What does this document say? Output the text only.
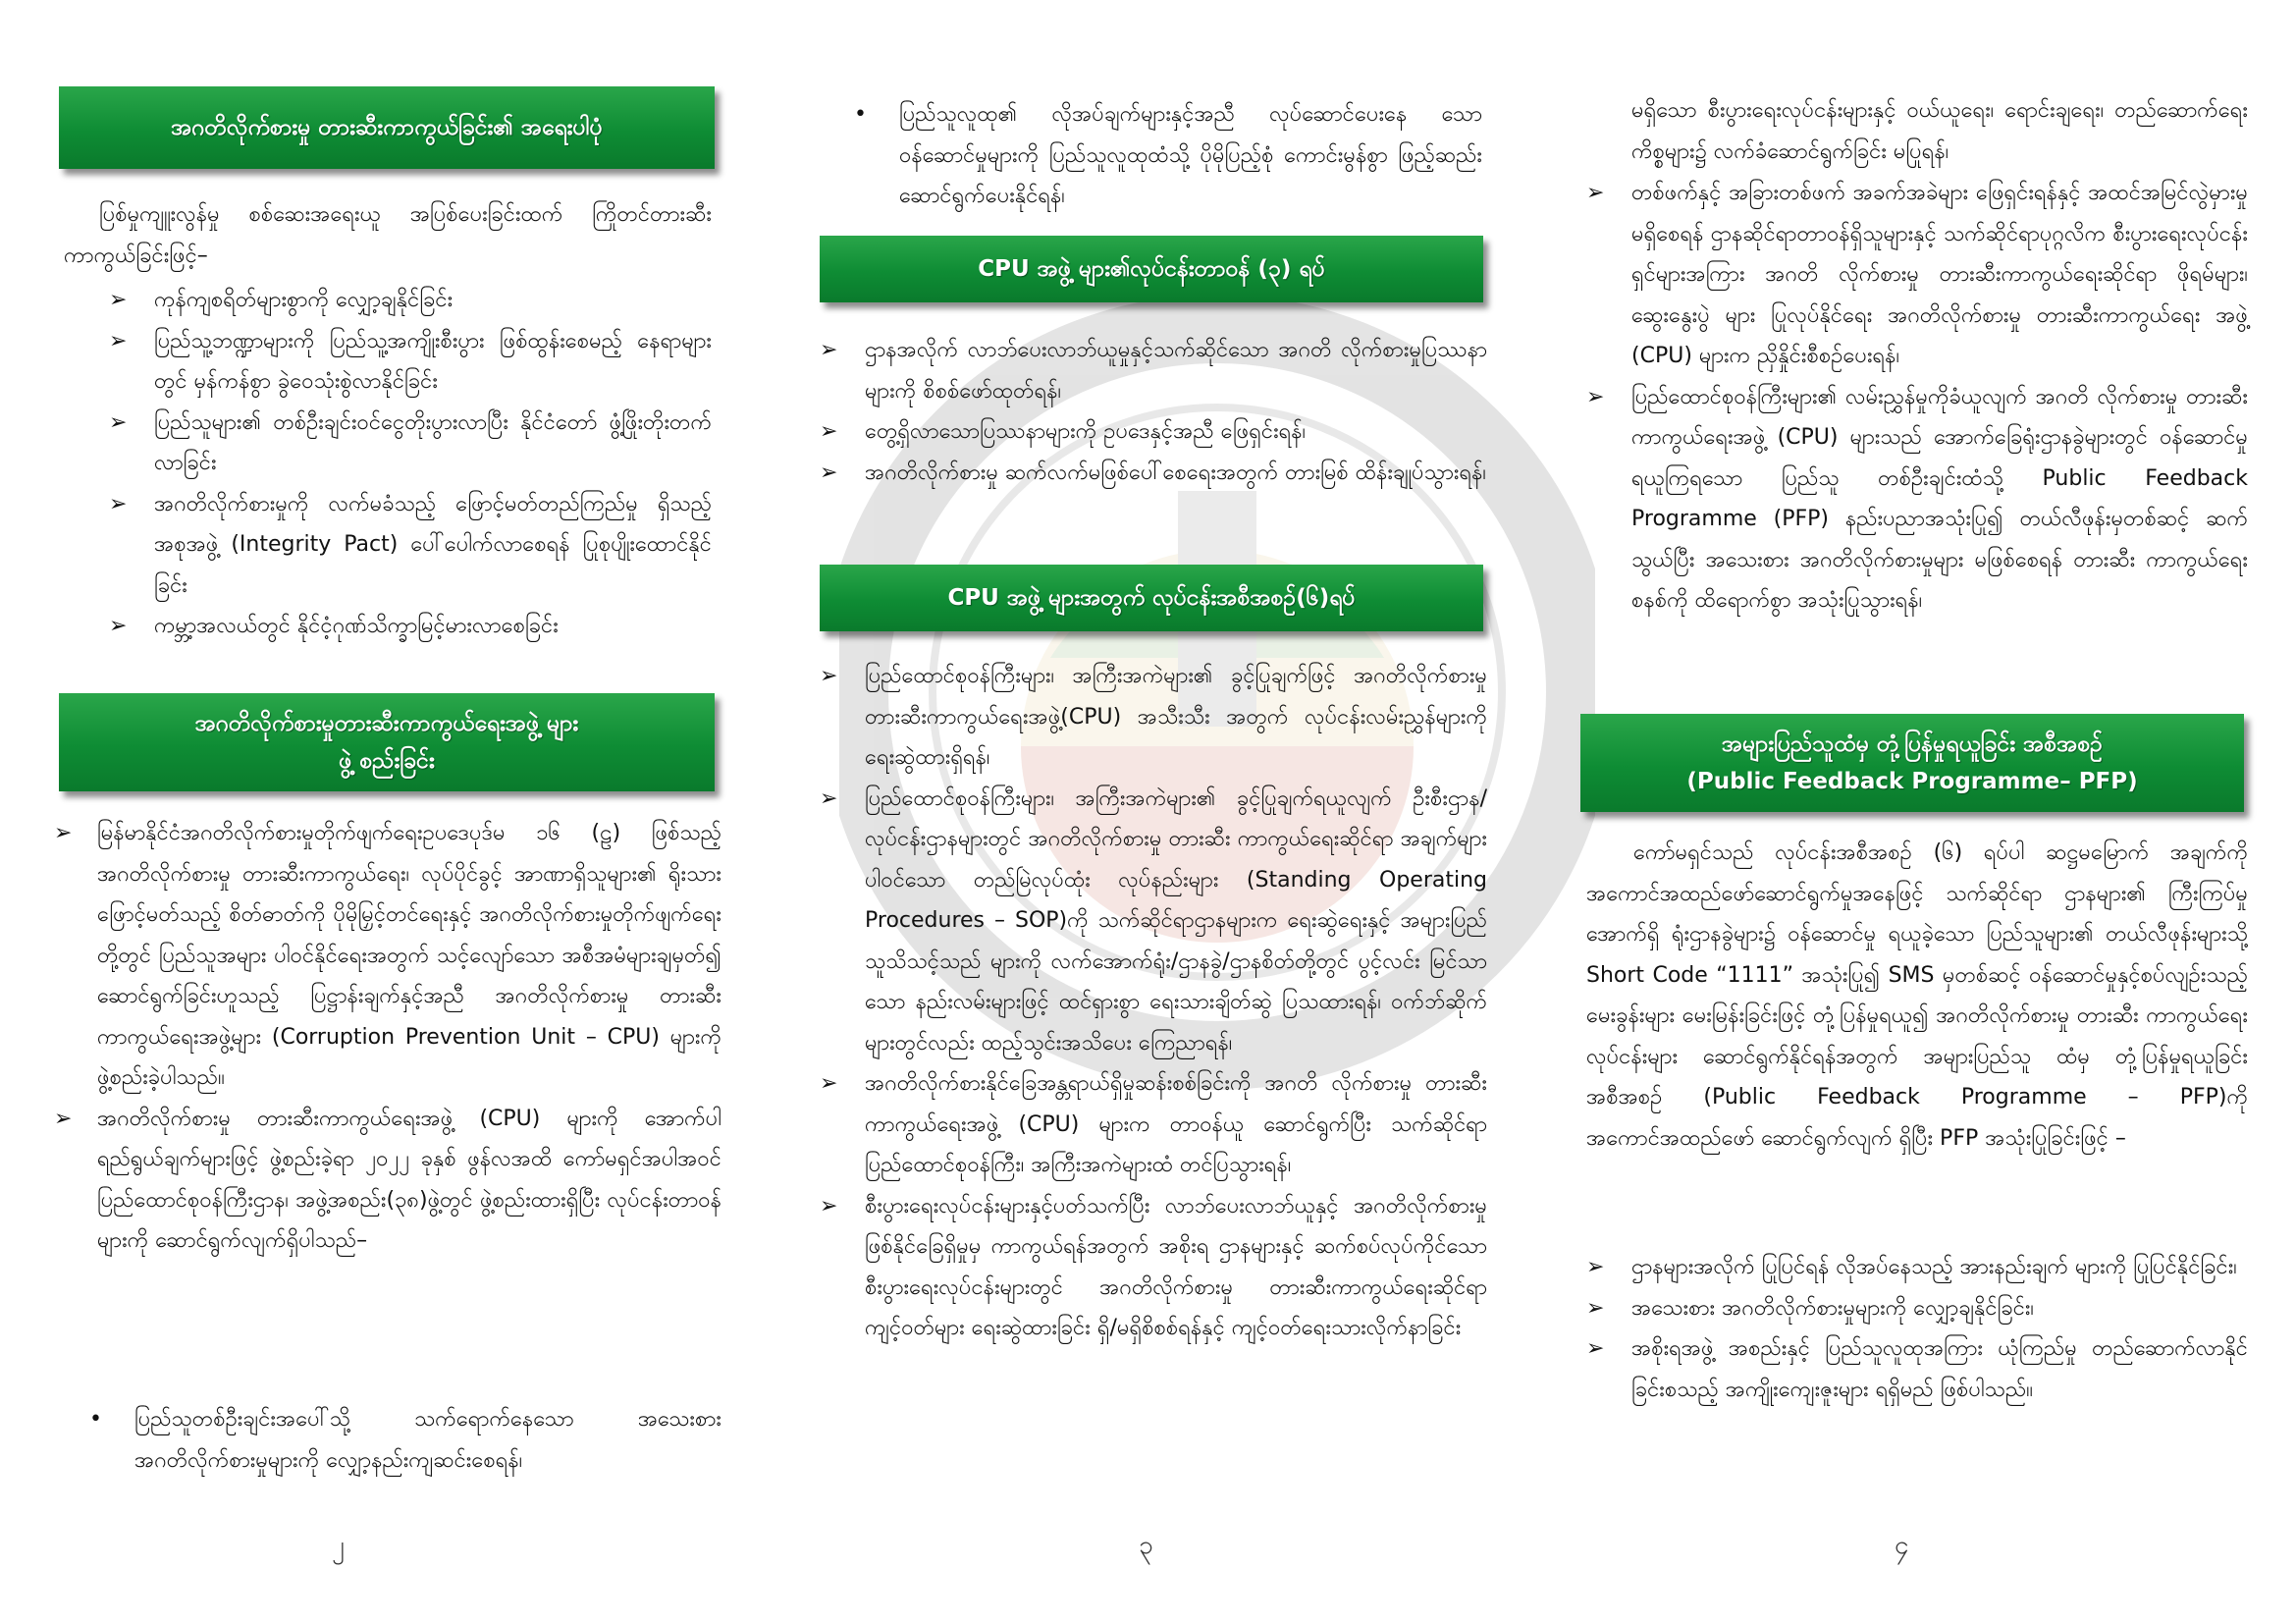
အဂတိလိုက်စားမှု တားဆီးကာကွယ်ခြင်း၏ အရေးပါပုံ

ပြစ်မှုကျူးလွန်မှု စစ်ဆေးအရေးယူ အပြစ်ပေးခြင်းထက် ကြိုတင်တားဆီးကာကွယ်ခြင်းဖြင့်–

➢	ကုန်ကျစရိတ်များစွာကို လျှော့ချနိုင်ခြင်း
➢	ပြည်သူ့ဘဏ္ဍာများကို ပြည်သူ့အကျိုးစီးပွား ဖြစ်ထွန်းစေမည့် နေရာများတွင် မှန်ကန်စွာ ခွဲဝေသုံးစွဲလာနိုင်ခြင်း
➢	ပြည်သူများ၏ တစ်ဦးချင်းဝင်ငွေတိုးပွားလာပြီး နိုင်ငံတော် ဖွံ့ဖြိုးတိုးတက်လာခြင်း
➢	အဂတိလိုက်စားမှုကို လက်မခံသည့် ဖြောင့်မတ်တည်ကြည်မှု ရှိသည့် အစုအဖွဲ့ (Integrity Pact) ပေါ်ပေါက်လာစေရန် ပြုစုပျိုးထောင်နိုင်ခြင်း
➢	ကမ္ဘာ့အလယ်တွင် နိုင်ငံ့ဂုဏ်သိက္ခာမြင့်မားလာစေခြင်း
အဂတိလိုက်စားမှုတားဆီးကာကွယ်ရေးအဖွဲ့ များ
ဖွဲ့ စည်းခြင်း
➢	မြန်မာနိုင်ငံအဂတိလိုက်စားမှုတိုက်ဖျက်ရေးဥပဒေပုဒ်မ ၁၆ (ဠ) ဖြစ်သည့် အဂတိလိုက်စားမှု တားဆီးကာကွယ်ရေး၊ လုပ်ပိုင်ခွင့် အာဏာရှိသူများ၏ ရိုးသားဖြောင့်မတ်သည့် စိတ်ဓာတ်ကို ပိုမိုမြှင့်တင်ရေးနှင့် အဂတိလိုက်စားမှုတိုက်ဖျက်ရေး တို့တွင် ပြည်သူအများ ပါဝင်နိုင်ရေးအတွက် သင့်လျော်သော အစီအမံများချမှတ်၍ ဆောင်ရွက်ခြင်းဟူသည့် ပြဋ္ဌာန်းချက်နှင့်အညီ အဂတိလိုက်စားမှု တားဆီးကာကွယ်ရေးအဖွဲ့များ (Corruption Prevention Unit – CPU) များကို ဖွဲ့စည်းခဲ့ပါသည်။
➢	အဂတိလိုက်စားမှု တားဆီးကာကွယ်ရေးအဖွဲ့ (CPU) များကို အောက်ပါ ရည်ရွယ်ချက်များဖြင့် ဖွဲ့စည်းခဲ့ရာ ၂၀၂၂ ခုနှစ် ဖွန်လအထိ ကော်မရှင်အပါအဝင် ပြည်ထောင်စုဝန်ကြီးဌာန၊ အဖွဲ့အစည်း(၃၈)ဖွဲ့တွင် ဖွဲ့စည်းထားရှိပြီး လုပ်ငန်းတာဝန်များကို ဆောင်ရွက်လျက်ရှိပါသည်–
•	ပြည်သူတစ်ဦးချင်းအပေါ်သို့ သက်ရောက်နေသော အသေးစား အဂတိလိုက်စားမှုများကို လျှော့နည်းကျဆင်းစေရန်၊
၂
•	ပြည်သူလူထု၏ လိုအပ်ချက်များနှင့်အညီ လုပ်ဆောင်ပေးနေ သောဝန်ဆောင်မှုများကို ပြည်သူလူထုထံသို့ ပိုမိုပြည့်စုံ ကောင်းမွန်စွာ ဖြည့်ဆည်းဆောင်ရွက်ပေးနိုင်ရန်၊
CPU အဖွဲ့ များ၏လုပ်ငန်းတာဝန် (၃) ရပ်
➢	ဌာနအလိုက် လာဘ်ပေးလာဘ်ယူမှုနှင့်သက်ဆိုင်သော အဂတိ လိုက်စားမှုပြဿနာများကို စိစစ်ဖော်ထုတ်ရန်၊
➢	တွေ့ရှိလာသောပြဿနာများကို ဥပဒေနှင့်အညီ ဖြေရှင်းရန်၊
➢	အဂတိလိုက်စားမှု ဆက်လက်မဖြစ်ပေါ်စေရေးအတွက် တားမြစ် ထိန်းချုပ်သွားရန်၊
CPU အဖွဲ့ များအတွက် လုပ်ငန်းအစီအစဉ်(၆)ရပ်
➢	ပြည်ထောင်စုဝန်ကြီးများ၊ အကြီးအကဲများ၏ ခွင့်ပြုချက်ဖြင့် အဂတိလိုက်စားမှု တားဆီးကာကွယ်ရေးအဖွဲ့(CPU) အသီးသီး အတွက် လုပ်ငန်းလမ်းညွှန်များကိုရေးဆွဲထားရှိရန်၊
➢	ပြည်ထောင်စုဝန်ကြီးများ၊ အကြီးအကဲများ၏ ခွင့်ပြုချက်ရယူလျက် ဦးစီးဌာန/လုပ်ငန်းဌာနများတွင် အဂတိလိုက်စားမှု တားဆီး ကာကွယ်ရေးဆိုင်ရာ အချက်များပါဝင်သော တည်မြဲလုပ်ထုံး လုပ်နည်းများ (Standing Operating Procedures – SOP)ကို သက်ဆိုင်ရာဌာနများက ရေးဆွဲရေးနှင့် အများပြည်သူသိသင့်သည် များကို လက်အောက်ရုံး/ဌာနခွဲ/ဌာနစိတ်တို့တွင် ပွင့်လင်း မြင်သာသော နည်းလမ်းများဖြင့် ထင်ရှားစွာ ရေးသားချိတ်ဆွဲ ပြသထားရန်၊ ဝက်ဘ်ဆိုက်များတွင်လည်း ထည့်သွင်းအသိပေး ကြေညာရန်၊
➢	အဂတိလိုက်စားနိုင်ခြေအန္တရာယ်ရှိမှုဆန်းစစ်ခြင်းကို အဂတိ လိုက်စားမှု တားဆီးကာကွယ်ရေးအဖွဲ့ (CPU) များက တာဝန်ယူ ဆောင်ရွက်ပြီး သက်ဆိုင်ရာပြည်ထောင်စုဝန်ကြီး၊ အကြီးအကဲများထံ တင်ပြသွားရန်၊
➢	စီးပွားရေးလုပ်ငန်းများနှင့်ပတ်သက်ပြီး လာဘ်ပေးလာဘ်ယူနှင့် အဂတိလိုက်စားမှုဖြစ်နိုင်ခြေရှိမှုမှ ကာကွယ်ရန်အတွက် အစိုးရ ဌာနများနှင့် ဆက်စပ်လုပ်ကိုင်သော စီးပွားရေးလုပ်ငန်းများတွင် အဂတိလိုက်စားမှု တားဆီးကာကွယ်ရေးဆိုင်ရာ ကျင့်ဝတ်များ ရေးဆွဲထားခြင်း ရှိ/မရှိစိစစ်ရန်နှင့် ကျင့်ဝတ်ရေးသားလိုက်နာခြင်း
၃

မရှိသော စီးပွားရေးလုပ်ငန်းများနှင့် ဝယ်ယူရေး၊ ရောင်းချရေး၊ တည်ဆောက်ရေးကိစ္စများ၌ လက်ခံဆောင်ရွက်ခြင်း မပြုရန်၊

➢	တစ်ဖက်နှင့် အခြားတစ်ဖက် အခက်အခဲများ ဖြေရှင်းရန်နှင့် အထင်အမြင်လွဲမှားမှုမရှိစေရန် ဌာနဆိုင်ရာတာဝန်ရှိသူများနှင့် သက်ဆိုင်ရာပုဂ္ဂလိက စီးပွားရေးလုပ်ငန်းရှင်များအကြား အဂတိ လိုက်စားမှု တားဆီးကာကွယ်ရေးဆိုင်ရာ ဖိုရမ်များ၊ ဆွေးနွေးပွဲ များ ပြုလုပ်နိုင်ရေး အဂတိလိုက်စားမှု တားဆီးကာကွယ်ရေး အဖွဲ့ (CPU) များက ညှိနှိုင်းစီစဉ်ပေးရန်၊
➢	ပြည်ထောင်စုဝန်ကြီးများ၏ လမ်းညွှန်မှုကိုခံယူလျက် အဂတိ လိုက်စားမှု တားဆီးကာကွယ်ရေးအဖွဲ့ (CPU) များသည် အောက်ခြေရုံးဌာနခွဲများတွင် ဝန်ဆောင်မှုရယူကြရသော ပြည်သူ တစ်ဦးချင်းထံသို့ Public Feedback Programme (PFP) နည်းပညာအသုံးပြု၍ တယ်လီဖုန်းမှတစ်ဆင့် ဆက်သွယ်ပြီး အသေးစား အဂတိလိုက်စားမှုများ မဖြစ်စေရန် တားဆီး ကာကွယ်ရေးစနစ်ကို ထိရောက်စွာ အသုံးပြုသွားရန်၊
အများပြည်သူထံမှ တုံ့ပြန်မှုရယူခြင်း အစီအစဉ်
(Public Feedback Programme– PFP)

ကော်မရှင်သည် လုပ်ငန်းအစီအစဉ် (၆) ရပ်ပါ ဆဋ္ဌမမြောက် အချက်ကို အကောင်အထည်ဖော်ဆောင်ရွက်မှုအနေဖြင့် သက်ဆိုင်ရာ ဌာနများ၏ ကြီးကြပ်မှုအောက်ရှိ ရုံးဌာနခွဲများ၌ ဝန်ဆောင်မှု ရယူခဲ့သော ပြည်သူများ၏ တယ်လီဖုန်းများသို့ Short Code “1111” အသုံးပြု၍ SMS မှတစ်ဆင့် ဝန်ဆောင်မှုနှင့်စပ်လျဉ်းသည့် မေးခွန်းများ မေးမြန်းခြင်းဖြင့် တုံ့ပြန်မှုရယူ၍ အဂတိလိုက်စားမှု တားဆီး ကာကွယ်ရေးလုပ်ငန်းများ ဆောင်ရွက်နိုင်ရန်အတွက် အများပြည်သူ ထံမှ တုံ့ပြန်မှုရယူခြင်းအစီအစဉ် (Public Feedback Programme – PFP)ကို အကောင်အထည်ဖော် ဆောင်ရွက်လျက် ရှိပြီး PFP အသုံးပြုခြင်းဖြင့် –

➢	ဌာနများအလိုက် ပြုပြင်ရန် လိုအပ်နေသည့် အားနည်းချက် များကို ပြုပြင်နိုင်ခြင်း၊
➢	အသေးစား အဂတိလိုက်စားမှုများကို လျှော့ချနိုင်ခြင်း၊
➢	အစိုးရအဖွဲ့ အစည်းနှင့် ပြည်သူလူထုအကြား ယုံကြည်မှု တည်ဆောက်လာနိုင်ခြင်းစသည့် အကျိုးကျေးဇူးများ ရရှိမည် ဖြစ်ပါသည်။
၄
